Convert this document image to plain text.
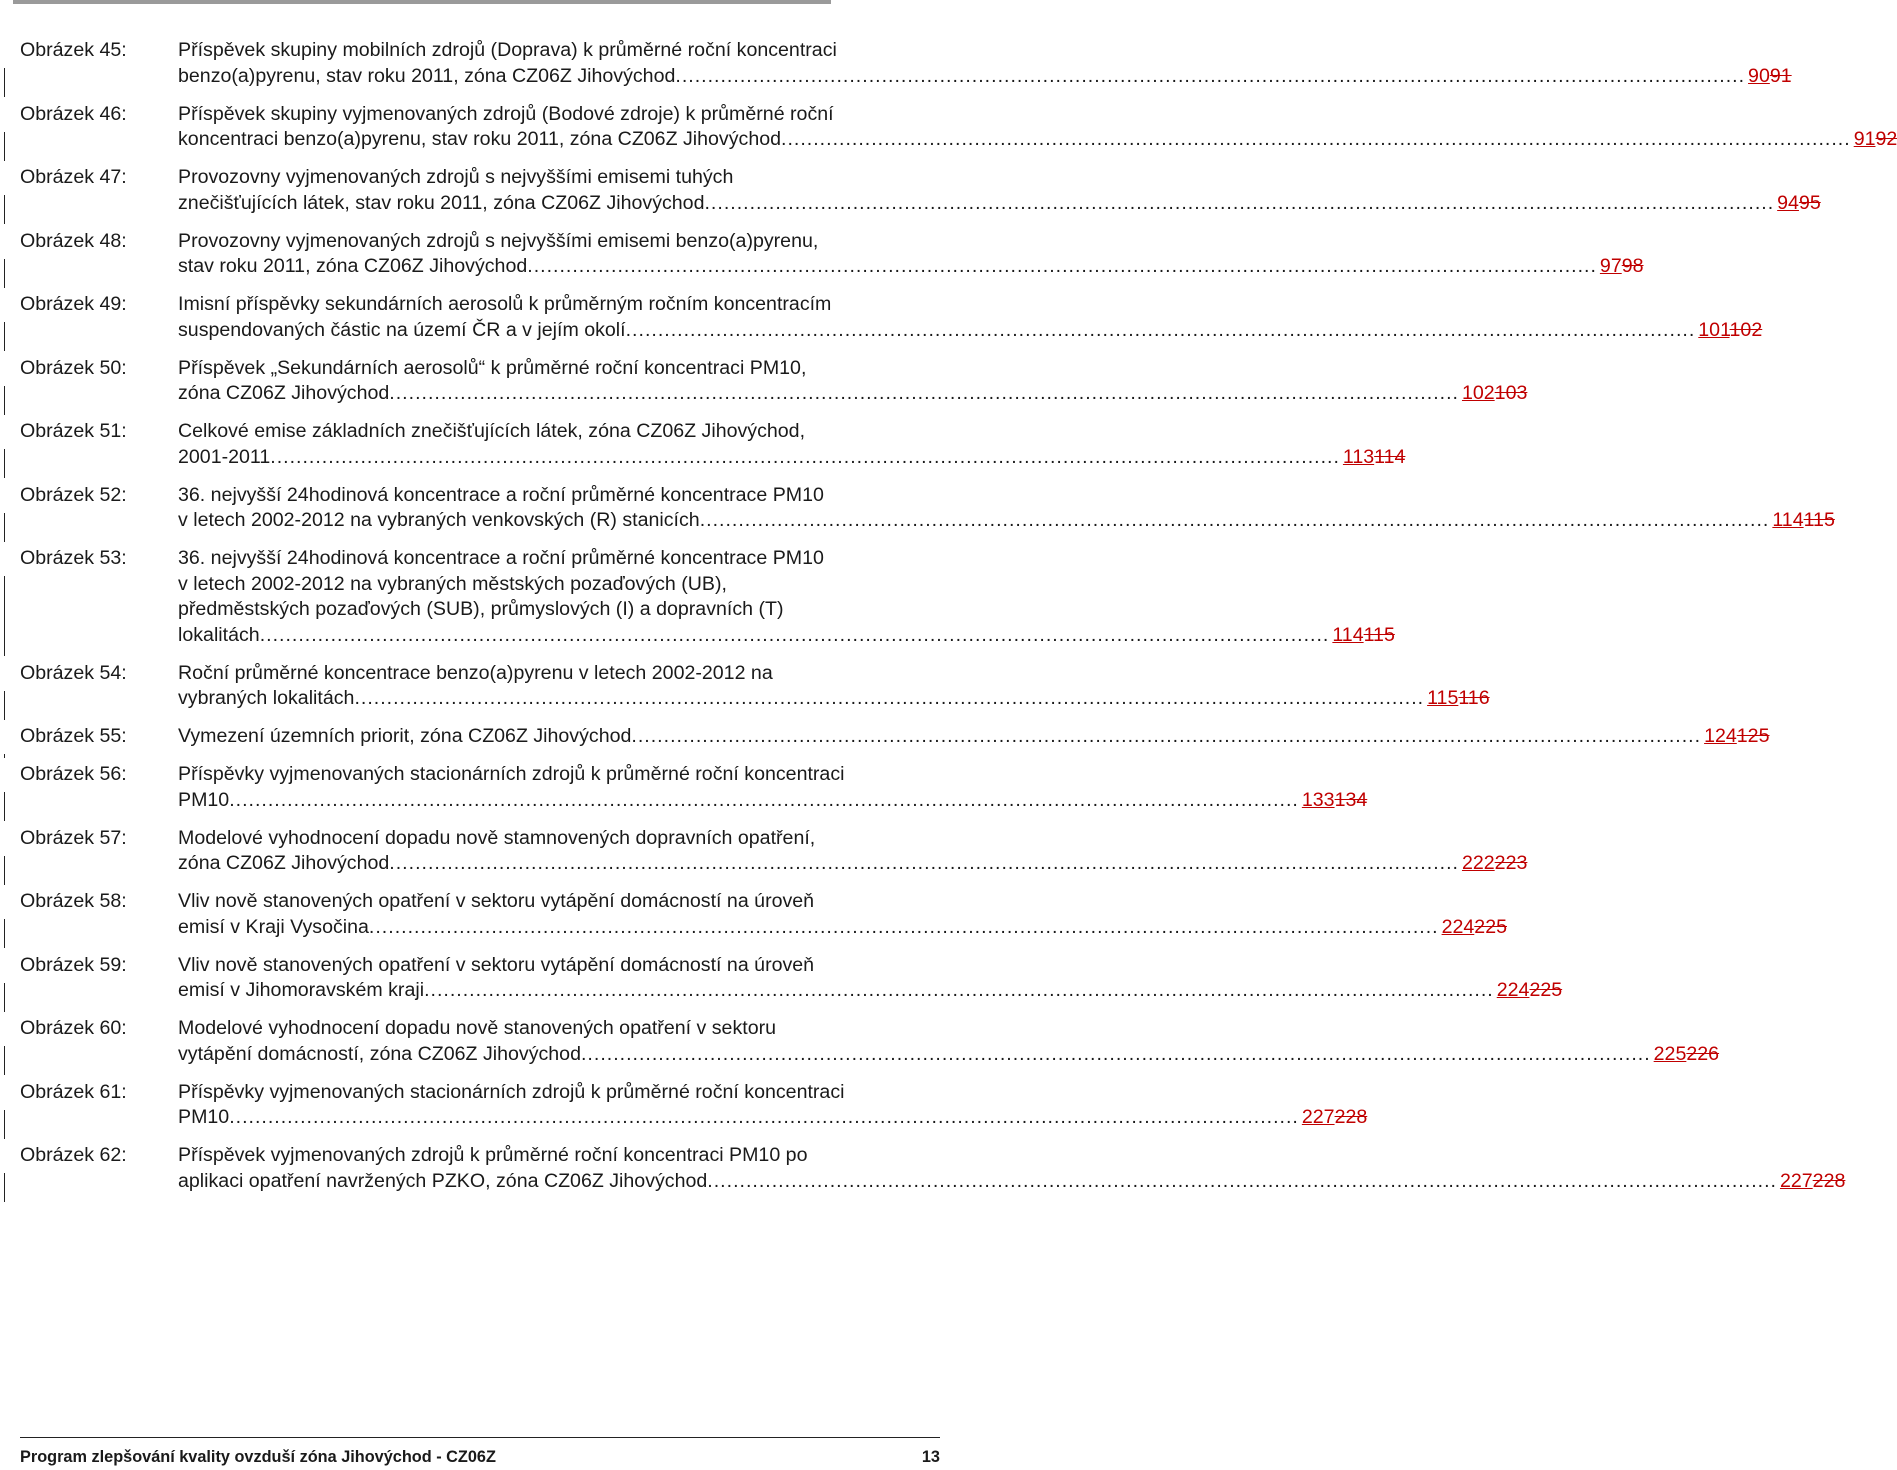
Obrázek 45:	Příspěvek skupiny mobilních zdrojů (Doprava) k průměrné roční koncentraci
benzo(a)pyrenu, stav roku 2011, zóna CZ06Z Jihovýchod .....	9091
Obrázek 46:	Příspěvek skupiny vyjmenovaných zdrojů (Bodové zdroje) k průměrné roční
koncentraci benzo(a)pyrenu, stav roku 2011, zóna CZ06Z Jihovýchod .....	9192
Obrázek 47:	Provozovny vyjmenovaných zdrojů s nejvyššími emisemi tuhých
znečišťujících látek, stav roku 2011, zóna CZ06Z Jihovýchod .....	9495
Obrázek 48:	Provozovny vyjmenovaných zdrojů s nejvyššími emisemi benzo(a)pyrenu,
stav roku 2011, zóna CZ06Z Jihovýchod .....	9798
Obrázek 49:	Imisní příspěvky sekundárních aerosolů k průměrným ročním koncentracím
suspendovaných částic na území ČR a v jejím okolí .....	101102
Obrázek 50:	Příspěvek „Sekundárních aerosolů“ k průměrné roční koncentraci PM10,
zóna CZ06Z Jihovýchod .....	102103
Obrázek 51:	Celkové emise základních znečišťujících látek, zóna CZ06Z Jihovýchod,
2001-2011 .....	113114
Obrázek 52:	36. nejvyšší 24hodinová koncentrace a roční průměrné koncentrace PM10
v letech 2002-2012 na vybraných venkovských (R) stanicích .....	114115
Obrázek 53:	36. nejvyšší 24hodinová koncentrace a roční průměrné koncentrace PM10
v letech 2002-2012 na vybraných městských pozaďových (UB),
předměstských pozaďových (SUB), průmyslových (I) a dopravních (T)
lokalitách .....	114115
Obrázek 54:	Roční průměrné koncentrace benzo(a)pyrenu v letech 2002-2012 na
vybraných lokalitách .....	115116
Obrázek 55:	Vymezení územních priorit, zóna CZ06Z Jihovýchod .....	124125
Obrázek 56:	Příspěvky vyjmenovaných stacionárních zdrojů k průměrné roční koncentraci
PM10 .....	133134
Obrázek 57:	Modelové vyhodnocení dopadu nově stamnovených dopravních opatření,
zóna CZ06Z Jihovýchod .....	222223
Obrázek 58:	Vliv nově stanovených opatření v sektoru vytápění domácností na úroveň
emisí v Kraji Vysočina .....	224225
Obrázek 59:	Vliv nově stanovených opatření v sektoru vytápění domácností na úroveň
emisí v Jihomoravském kraji .....	224225
Obrázek 60:	Modelové vyhodnocení dopadu nově stanovených opatření v sektoru
vytápění domácností, zóna CZ06Z Jihovýchod .....	225226
Obrázek 61:	Příspěvky vyjmenovaných stacionárních zdrojů k průměrné roční koncentraci
PM10 .....	227228
Obrázek 62:	Příspěvek vyjmenovaných zdrojů k průměrné roční koncentraci PM10 po
aplikaci opatření navržených PZKO, zóna CZ06Z Jihovýchod .....	227228
Program zlepšování kvality ovzduší zóna Jihovýchod - CZ06Z	13
